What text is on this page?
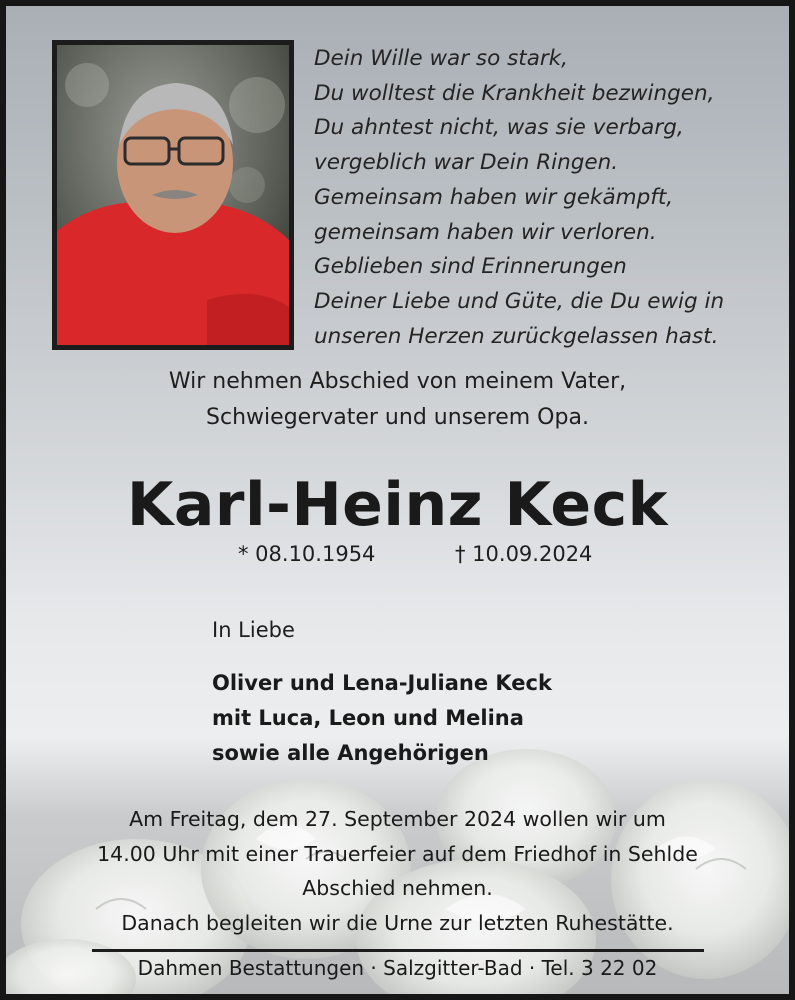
Dein Wille war so stark,
Du wolltest die Krankheit bezwingen,
Du ahntest nicht, was sie verbarg,
vergeblich war Dein Ringen.
Gemeinsam haben wir gekämpft,
gemeinsam haben wir verloren.
Geblieben sind Erinnerungen
Deiner Liebe und Güte, die Du ewig in
unseren Herzen zurückgelassen hast.
Wir nehmen Abschied von meinem Vater,
Schwiegervater und unserem Opa.
Karl-Heinz Keck
* 08.10.1954	† 10.09.2024
In Liebe
Oliver und Lena-Juliane Keck
mit Luca, Leon und Melina
sowie alle Angehörigen
Am Freitag, dem 27. September 2024 wollen wir um
14.00 Uhr mit einer Trauerfeier auf dem Friedhof in Sehlde
Abschied nehmen.
Danach begleiten wir die Urne zur letzten Ruhestätte.
Dahmen Bestattungen · Salzgitter-Bad · Tel. 3 22 02
